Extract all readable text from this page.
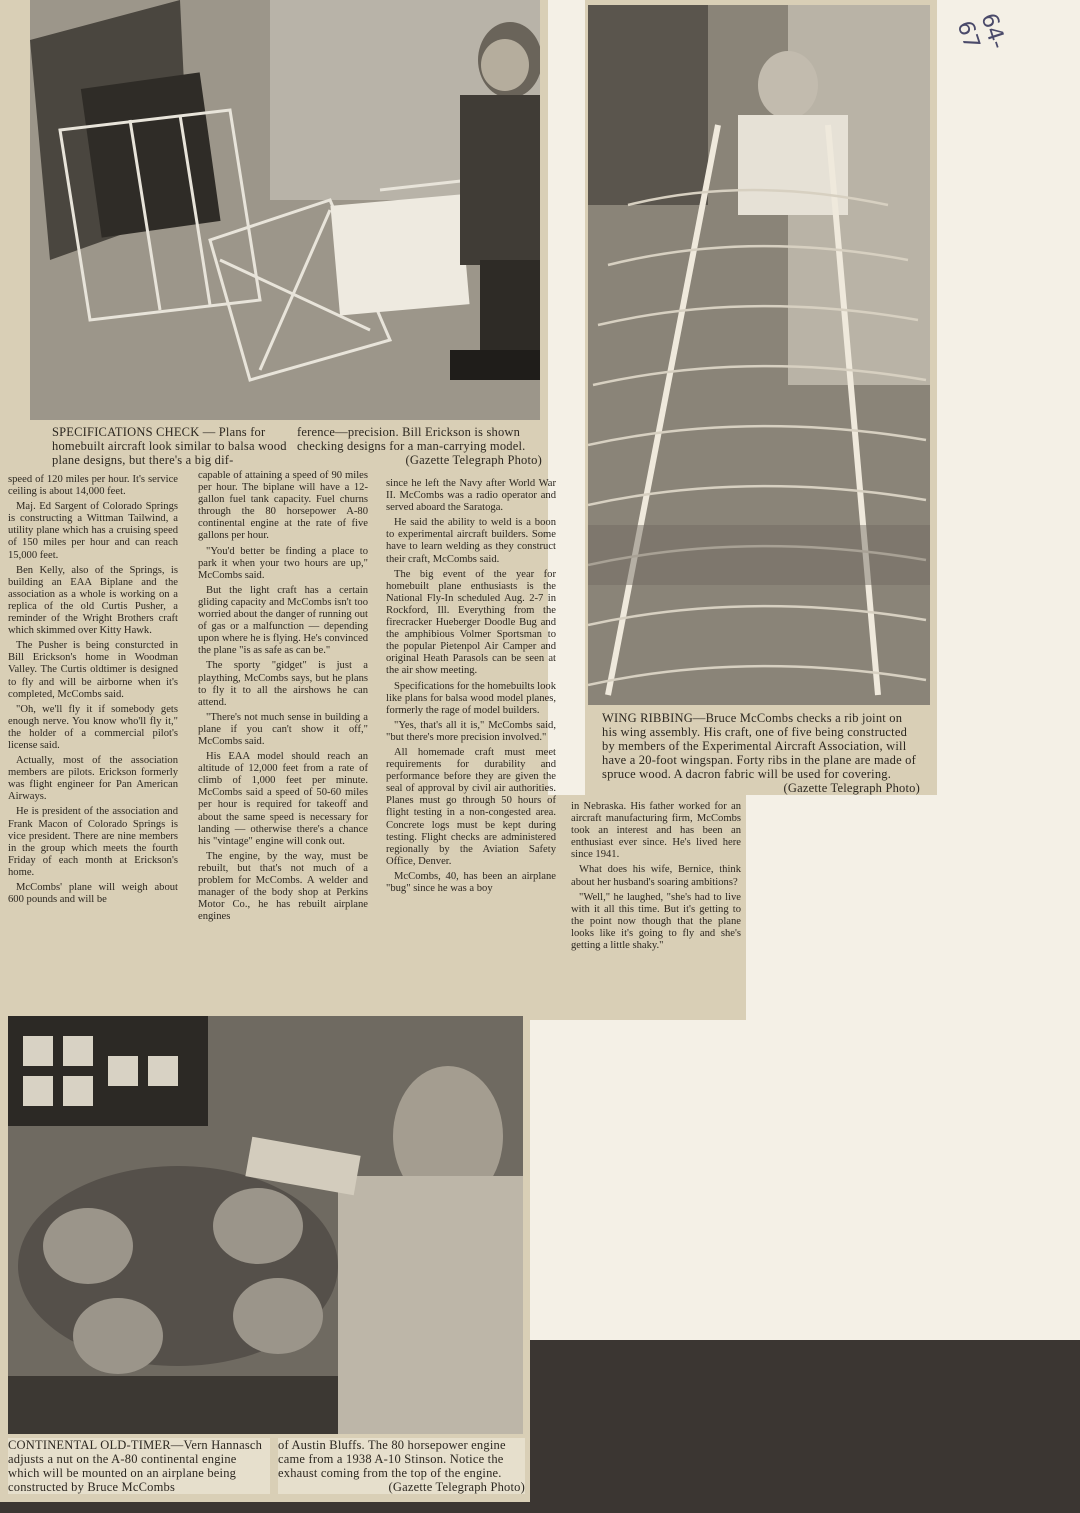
64-67
SPECIFICATIONS CHECK — Plans for homebuilt aircraft look similar to balsa wood plane designs, but there's a big dif-
ference—precision. Bill Erickson is shown checking designs for a man-carrying model.
(Gazette Telegraph Photo)
WING RIBBING—Bruce McCombs checks a rib joint on his wing assembly. His craft, one of five being constructed by members of the Experimental Aircraft Association, will have a 20-foot wingspan. Forty ribs in the plane are made of spruce wood. A dacron fabric will be used for covering.
(Gazette Telegraph Photo)

speed of 120 miles per hour. It's service ceiling is about 14,000 feet.

Maj. Ed Sargent of Colorado Springs is constructing a Wittman Tailwind, a utility plane which has a cruising speed of 150 miles per hour and can reach 15,000 feet.

Ben Kelly, also of the Springs, is building an EAA Biplane and the association as a whole is working on a replica of the old Curtis Pusher, a reminder of the Wright Brothers craft which skimmed over Kitty Hawk.

The Pusher is being consturcted in Bill Erickson's home in Woodman Valley. The Curtis oldtimer is designed to fly and will be airborne when it's completed, McCombs said.

"Oh, we'll fly it if somebody gets enough nerve. You know who'll fly it," the holder of a commercial pilot's license said.

Actually, most of the association members are pilots. Erickson formerly was flight engineer for Pan American Airways.

He is president of the association and Frank Macon of Colorado Springs is vice president. There are nine members in the group which meets the fourth Friday of each month at Erickson's home.

McCombs' plane will weigh about 600 pounds and will be

capable of attaining a speed of 90 miles per hour. The biplane will have a 12-gallon fuel tank capacity. Fuel churns through the 80 horsepower A-80 continental engine at the rate of five gallons per hour.

"You'd better be finding a place to park it when your two hours are up," McCombs said.

But the light craft has a certain gliding capacity and McCombs isn't too worried about the danger of running out of gas or a malfunction — depending upon where he is flying. He's convinced the plane "is as safe as can be."

The sporty "gidget" is just a plaything, McCombs says, but he plans to fly it to all the airshows he can attend.

"There's not much sense in building a plane if you can't show it off," McCombs said.

His EAA model should reach an altitude of 12,000 feet from a rate of climb of 1,000 feet per minute. McCombs said a speed of 50-60 miles per hour is required for takeoff and about the same speed is necessary for landing — otherwise there's a chance his "vintage" engine will conk out.

The engine, by the way, must be rebuilt, but that's not much of a problem for McCombs. A welder and manager of the body shop at Perkins Motor Co., he has rebuilt airplane engines

since he left the Navy after World War II. McCombs was a radio operator and served aboard the Saratoga.

He said the ability to weld is a boon to experimental aircraft builders. Some have to learn welding as they construct their craft, McCombs said.

The big event of the year for homebuilt plane enthusiasts is the National Fly-In scheduled Aug. 2-7 in Rockford, Ill. Everything from the firecracker Hueberger Doodle Bug and the amphibious Volmer Sportsman to the popular Pietenpol Air Camper and original Heath Parasols can be seen at the air show meeting.

Specifications for the homebuilts look like plans for balsa wood model planes, formerly the rage of model builders.

"Yes, that's all it is," McCombs said, "but there's more precision involved."

All homemade craft must meet requirements for durability and performance before they are given the seal of approval by civil air authorities. Planes must go through 50 hours of flight testing in a non-congested area. Concrete logs must be kept during testing. Flight checks are administered regionally by the Aviation Safety Office, Denver.

McCombs, 40, has been an airplane "bug" since he was a boy

in Nebraska. His father worked for an aircraft manufacturing firm, McCombs took an interest and has been an enthusiast ever since. He's lived here since 1941.

What does his wife, Bernice, think about her husband's soaring ambitions?

"Well," he laughed, "she's had to live with it all this time. But it's getting to the point now though that the plane looks like it's going to fly and she's getting a little shaky."

CONTINENTAL OLD-TIMER—Vern Hannasch adjusts a nut on the A-80 continental engine which will be mounted on an airplane being constructed by Bruce McCombs
of Austin Bluffs. The 80 horsepower engine came from a 1938 A-10 Stinson. Notice the exhaust coming from the top of the engine.
(Gazette Telegraph Photo)
